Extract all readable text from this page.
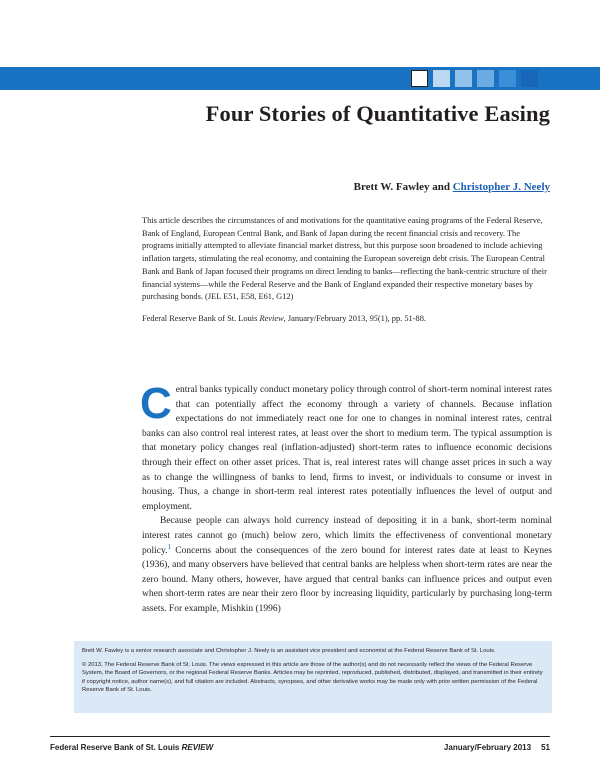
Four Stories of Quantitative Easing
Brett W. Fawley and Christopher J. Neely

This article describes the circumstances of and motivations for the quantitative easing programs of the Federal Reserve, Bank of England, European Central Bank, and Bank of Japan during the recent financial crisis and recovery. The programs initially attempted to alleviate financial market distress, but this purpose soon broadened to include achieving inflation targets, stimulating the real economy, and containing the European sovereign debt crisis. The European Central Bank and Bank of Japan focused their programs on direct lending to banks—reflecting the bank-centric structure of their financial systems—while the Federal Reserve and the Bank of England expanded their respective monetary bases by purchasing bonds. (JEL E51, E58, E61, G12)

Federal Reserve Bank of St. Louis Review, January/February 2013, 95(1), pp. 51-88.

Central banks typically conduct monetary policy through control of short-term nominal interest rates that can potentially affect the economy through a variety of channels. Because inflation expectations do not immediately react one for one to changes in nominal interest rates, central banks can also control real interest rates, at least over the short to medium term. The typical assumption is that monetary policy changes real (inflation-adjusted) short-term rates to influence economic decisions through their effect on other asset prices. That is, real interest rates will change asset prices in such a way as to change the willingness of banks to lend, firms to invest, or individuals to consume or invest in housing. Thus, a change in short-term real interest rates potentially influences the level of output and employment.

Because people can always hold currency instead of depositing it in a bank, short-term nominal interest rates cannot go (much) below zero, which limits the effectiveness of conventional monetary policy.$^1$ Concerns about the consequences of the zero bound for interest rates date at least to Keynes (1936), and many observers have believed that central banks are helpless when short-term rates are near the zero bound. Many others, however, have argued that central banks can influence prices and output even when short-term rates are near their zero floor by increasing liquidity, particularly by purchasing long-term assets. For example, Mishkin (1996)

Brett W. Fawley is a senior research associate and Christopher J. Neely is an assistant vice president and economist at the Federal Reserve Bank of St. Louis.

© 2013, The Federal Reserve Bank of St. Louis. The views expressed in this article are those of the author(s) and do not necessarily reflect the views of the Federal Reserve System, the Board of Governors, or the regional Federal Reserve Banks. Articles may be reprinted, reproduced, published, distributed, displayed, and transmitted in their entirety if copyright notice, author name(s), and full citation are included. Abstracts, synopses, and other derivative works may be made only with prior written permission of the Federal Reserve Bank of St. Louis.

Federal Reserve Bank of St. Louis REVIEW	January/February 2013 51
